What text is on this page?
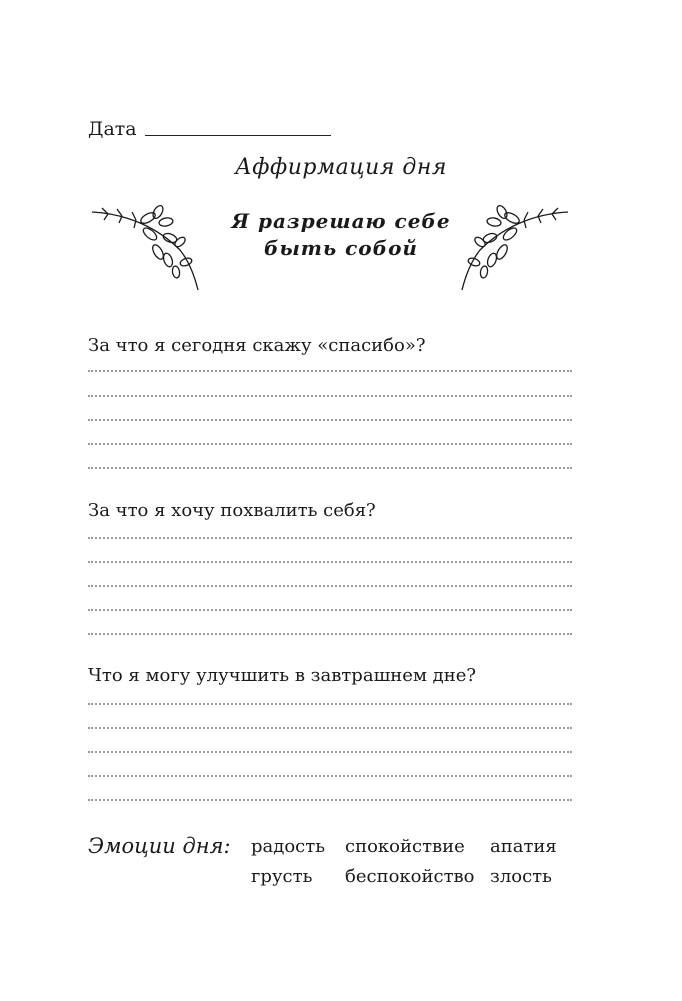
Дата
Аффирмация дня
Я разрешаю себе
быть собой
За что я сегодня скажу «спасибо»?
За что я хочу похвалить себя?
Что я могу улучшить в завтрашнем дне?
Эмоции дня: радость спокойствие апатия
грусть беспокойство злость
